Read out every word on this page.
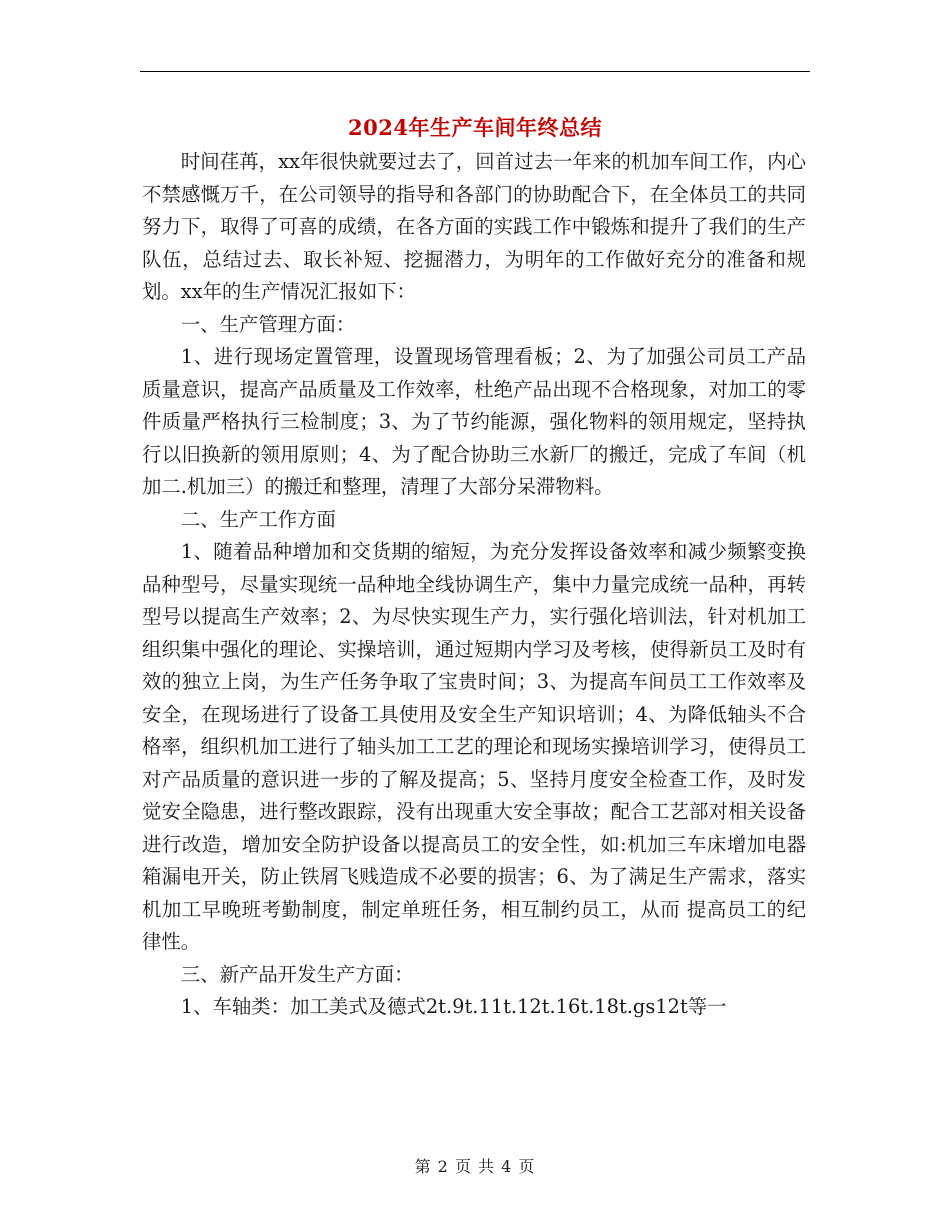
2024年生产车间年终总结

时间荏苒，xx年很快就要过去了，回首过去一年来的机加车间工作，内心不禁感慨万千，在公司领导的指导和各部门的协助配合下，在全体员工的共同努力下，取得了可喜的成绩，在各方面的实践工作中锻炼和提升了我们的生产队伍，总结过去、取长补短、挖掘潜力，为明年的工作做好充分的准备和规划。xx年的生产情况汇报如下：

一、生产管理方面：

1、进行现场定置管理，设置现场管理看板；2、为了加强公司员工产品质量意识，提高产品质量及工作效率，杜绝产品出现不合格现象，对加工的零件质量严格执行三检制度；3、为了节约能源，强化物料的领用规定，坚持执行以旧换新的领用原则；4、为了配合协助三水新厂的搬迁，完成了车间（机加二.机加三）的搬迁和整理，清理了大部分呆滞物料。

二、生产工作方面

1、随着品种增加和交货期的缩短，为充分发挥设备效率和减少频繁变换品种型号，尽量实现统一品种地全线协调生产，集中力量完成统一品种，再转型号以提高生产效率；2、为尽快实现生产力，实行强化培训法，针对机加工组织集中强化的理论、实操培训，通过短期内学习及考核，使得新员工及时有效的独立上岗，为生产任务争取了宝贵时间；3、为提高车间员工工作效率及安全，在现场进行了设备工具使用及安全生产知识培训；4、为降低轴头不合格率，组织机加工进行了轴头加工工艺的理论和现场实操培训学习，使得员工对产品质量的意识进一步的了解及提高；5、坚持月度安全检查工作，及时发觉安全隐患，进行整改跟踪，没有出现重大安全事故；配合工艺部对相关设备进行改造，增加安全防护设备以提高员工的安全性，如:机加三车床增加电器箱漏电开关，防止铁屑飞贱造成不必要的损害；6、为了满足生产需求，落实机加工早晚班考勤制度，制定单班任务，相互制约员工，从而 提高员工的纪律性。

三、新产品开发生产方面：

1、车轴类：加工美式及德式2t.9t.11t.12t.16t.18t.gs12t等一

第 2 页 共 4 页
